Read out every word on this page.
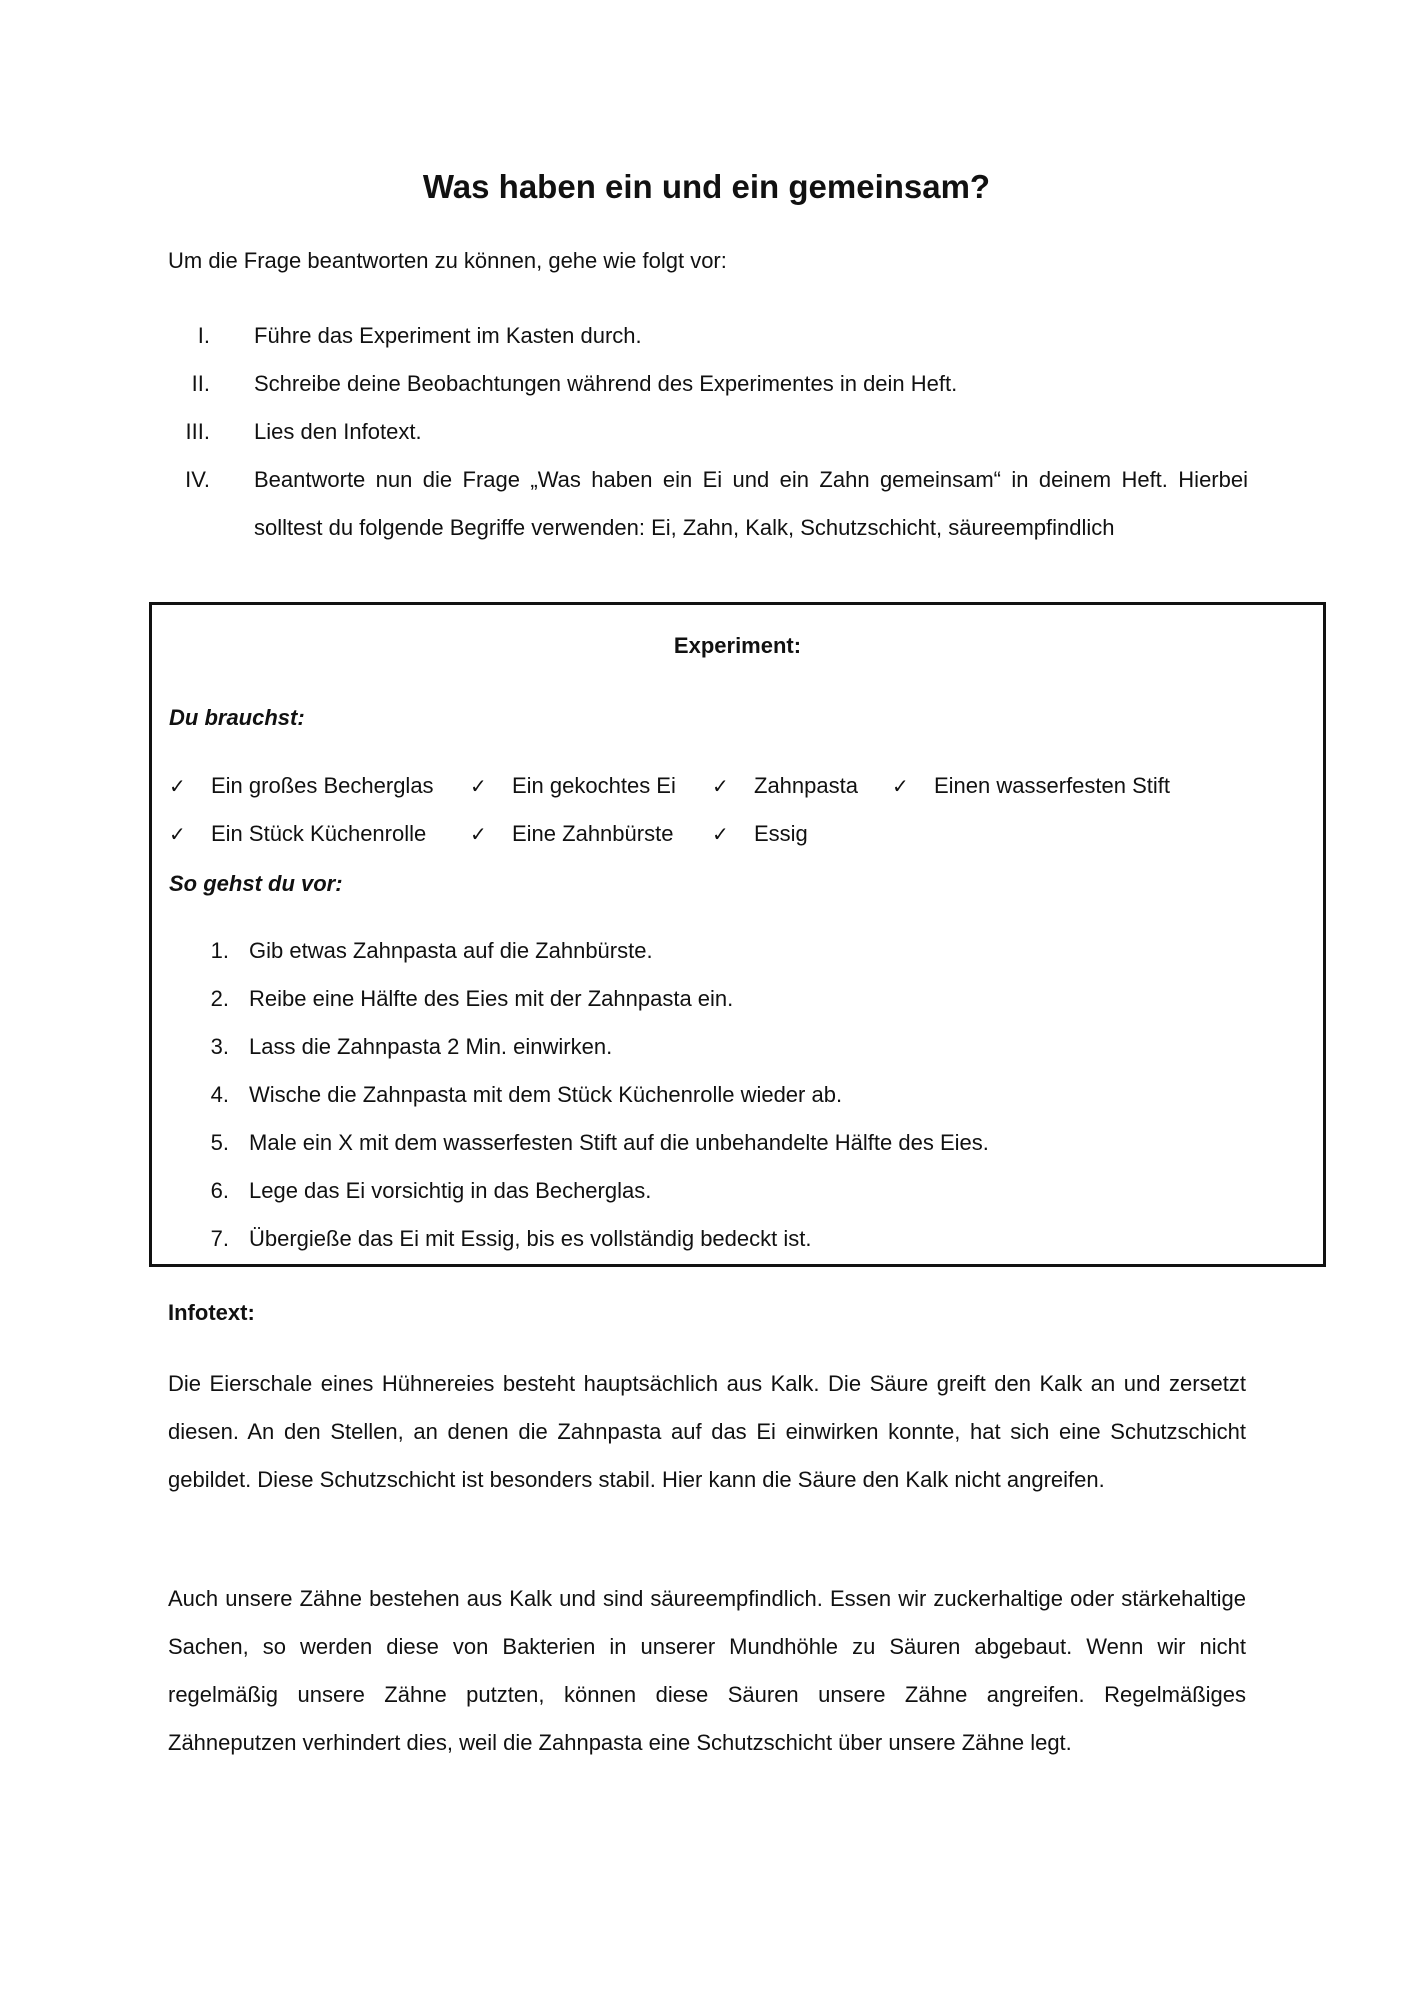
Was haben ein und ein gemeinsam?

Um die Frage beantworten zu können, gehe wie folgt vor:

I. Führe das Experiment im Kasten durch.
II. Schreibe deine Beobachtungen während des Experimentes in dein Heft.
III. Lies den Infotext.
IV. Beantworte nun die Frage „Was haben ein Ei und ein Zahn gemeinsam“ in deinem Heft. Hierbei solltest du folgende Begriffe verwenden: Ei, Zahn, Kalk, Schutzschicht, säureempfindlich

Experiment:

Du brauchst:

✓ Ein großes Becherglas ✓ Ein gekochtes Ei ✓ Zahnpasta ✓ Einen wasserfesten Stift
✓ Ein Stück Küchenrolle ✓ Eine Zahnbürste ✓ Essig

So gehst du vor:

1. Gib etwas Zahnpasta auf die Zahnbürste.
2. Reibe eine Hälfte des Eies mit der Zahnpasta ein.
3. Lass die Zahnpasta 2 Min. einwirken.
4. Wische die Zahnpasta mit dem Stück Küchenrolle wieder ab.
5. Male ein X mit dem wasserfesten Stift auf die unbehandelte Hälfte des Eies.
6. Lege das Ei vorsichtig in das Becherglas.
7. Übergieße das Ei mit Essig, bis es vollständig bedeckt ist.

Infotext:

Die Eierschale eines Hühnereies besteht hauptsächlich aus Kalk. Die Säure greift den Kalk an und zersetzt diesen. An den Stellen, an denen die Zahnpasta auf das Ei einwirken konnte, hat sich eine Schutzschicht gebildet. Diese Schutzschicht ist besonders stabil. Hier kann die Säure den Kalk nicht angreifen.

Auch unsere Zähne bestehen aus Kalk und sind säureempfindlich. Essen wir zuckerhaltige oder stärkehaltige Sachen, so werden diese von Bakterien in unserer Mundhöhle zu Säuren abgebaut. Wenn wir nicht regelmäßig unsere Zähne putzten, können diese Säuren unsere Zähne angreifen. Regelmäßiges Zähneputzen verhindert dies, weil die Zahnpasta eine Schutzschicht über unsere Zähne legt.
